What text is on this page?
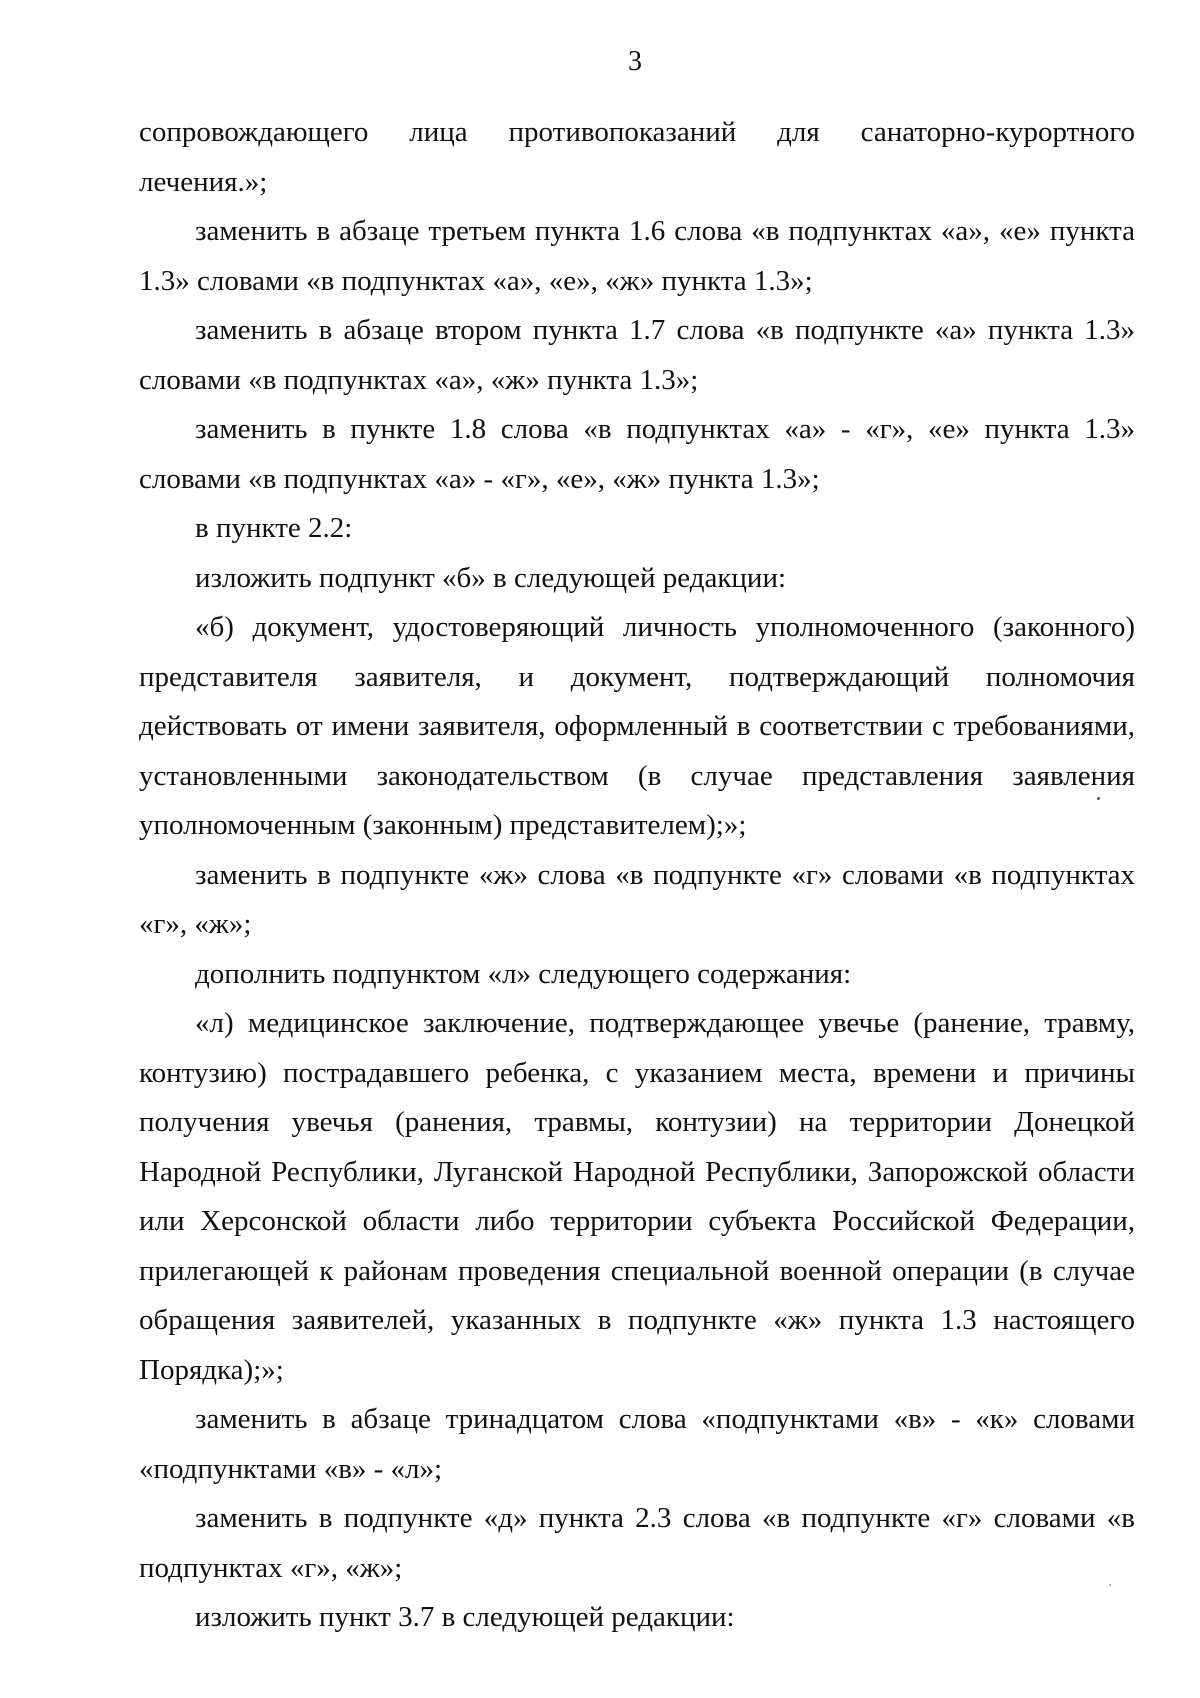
3

сопровождающего лица противопоказаний для санаторно-курортного лечения.»;

заменить в абзаце третьем пункта 1.6 слова «в подпунктах «а», «е» пункта 1.3» словами «в подпунктах «а», «е», «ж» пункта 1.3»;

заменить в абзаце втором пункта 1.7 слова «в подпункте «а» пункта 1.3» словами «в подпунктах «а», «ж» пункта 1.3»;

заменить в пункте 1.8 слова «в подпунктах «а» - «г», «е» пункта 1.3» словами «в подпунктах «а» - «г», «е», «ж» пункта 1.3»;

в пункте 2.2:

изложить подпункт «б» в следующей редакции:

«б) документ, удостоверяющий личность уполномоченного (законного) представителя заявителя, и документ, подтверждающий полномочия действовать от имени заявителя, оформленный в соответствии с требованиями, установленными законодательством (в случае представления заявления уполномоченным (законным) представителем);»;

заменить в подпункте «ж» слова «в подпункте «г» словами «в подпунктах «г», «ж»;

дополнить подпунктом «л» следующего содержания:

«л) медицинское заключение, подтверждающее увечье (ранение, травму, контузию) пострадавшего ребенка, с указанием места, времени и причины получения увечья (ранения, травмы, контузии) на территории Донецкой Народной Республики, Луганской Народной Республики, Запорожской области или Херсонской области либо территории субъекта Российской Федерации, прилегающей к районам проведения специальной военной операции (в случае обращения заявителей, указанных в подпункте «ж» пункта 1.3 настоящего Порядка);»;

заменить в абзаце тринадцатом слова «подпунктами «в» - «к» словами «подпунктами «в» - «л»;

заменить в подпункте «д» пункта 2.3 слова «в подпункте «г» словами «в подпунктах «г», «ж»;

изложить пункт 3.7 в следующей редакции:
